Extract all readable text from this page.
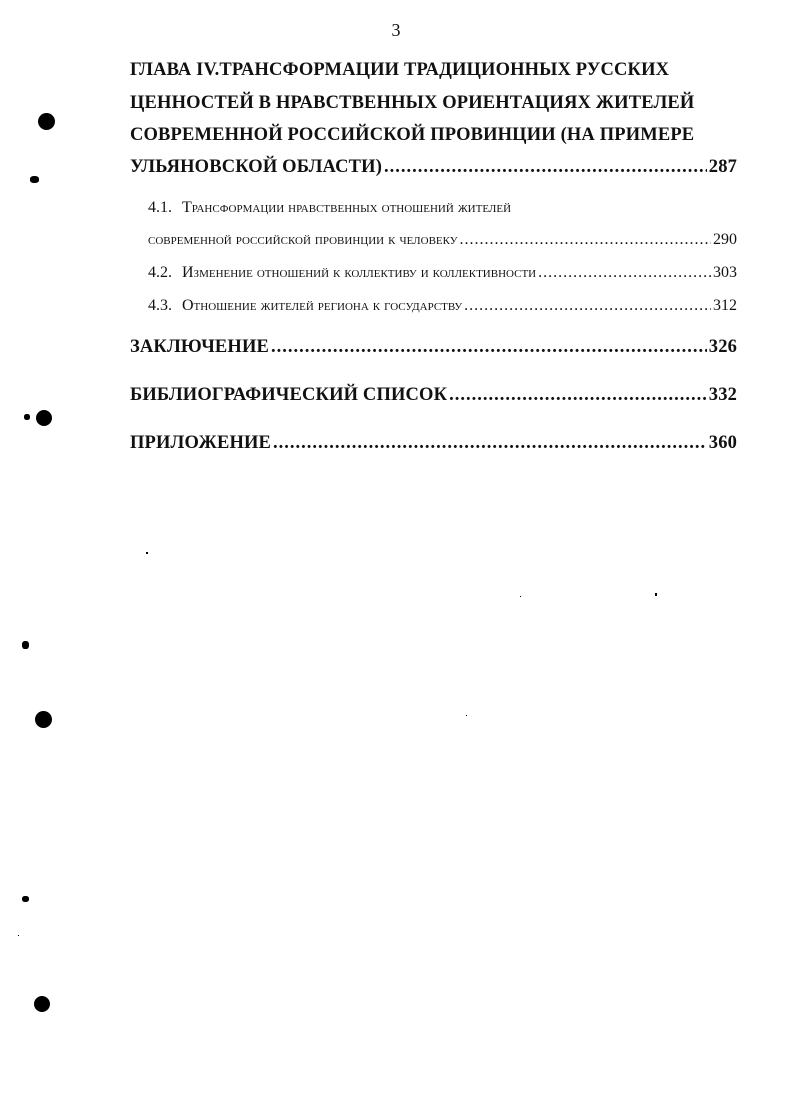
3
ГЛАВА IV.ТРАНСФОРМАЦИИ ТРАДИЦИОННЫХ РУССКИХ
ЦЕННОСТЕЙ В НРАВСТВЕННЫХ ОРИЕНТАЦИЯХ ЖИТЕЛЕЙ
СОВРЕМЕННОЙ РОССИЙСКОЙ ПРОВИНЦИИ (НА ПРИМЕРЕ
УЛЬЯНОВСКОЙ ОБЛАСТИ) .....	287
4.1. Трансформации нравственных отношений жителей
современной российской провинции к человеку .....	290
4.2. Изменение отношений к коллективу и коллективности .....	303
4.3. Отношение жителей региона к государству .....	312
ЗАКЛЮЧЕНИЕ .....	326
БИБЛИОГРАФИЧЕСКИЙ СПИСОК .....	332
ПРИЛОЖЕНИЕ .....	360
